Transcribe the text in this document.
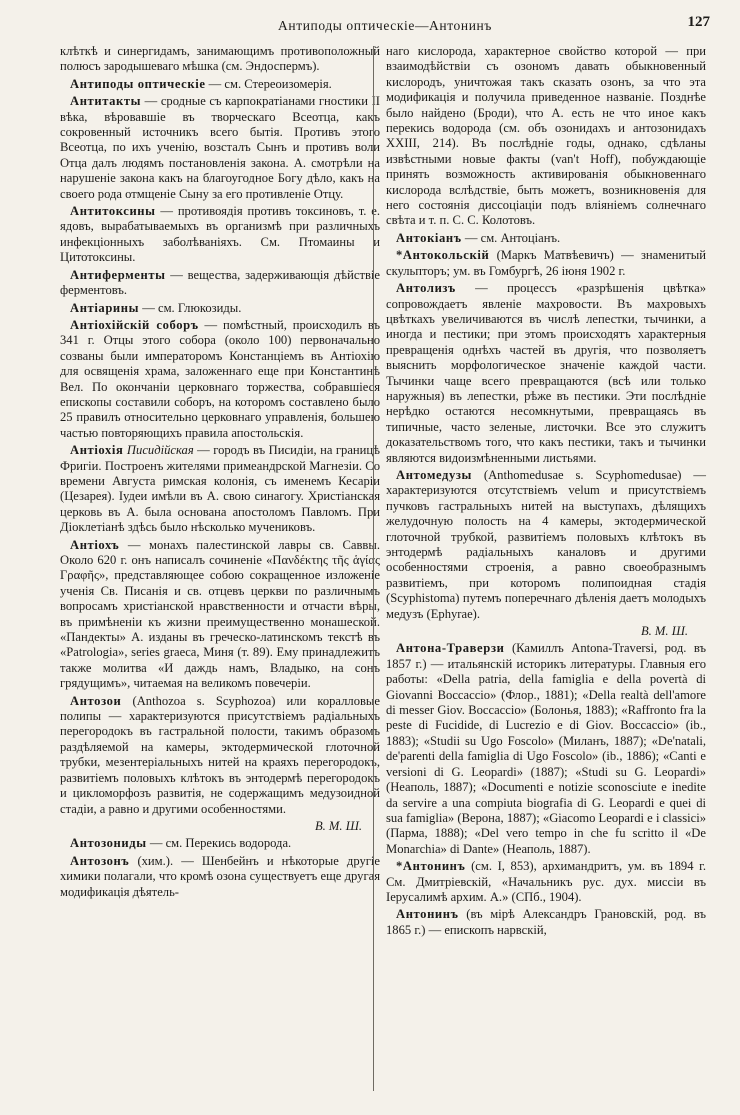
Антиподы оптическiе—Антонинъ	127

клѣткѣ и синергидамъ, занимающимъ противоположный полюсъ зародышеваго мѣшка (см. Эндоспермъ).

Антиподы оптическiе — см. Стереоизомерiя.

Антитакты — сродные съ карпократiанами гностики II вѣка, вѣровавшiе въ творческаго Всеотца, какъ сокровенный источникъ всего бытiя. Противъ этого Всеотца, по ихъ ученiю, возсталъ Сынъ и противъ воли Отца далъ людямъ постановленiя закона. А. смотрѣли на нарушенiе закона какъ на благоугодное Богу дѣло, какъ на своего рода отмщенiе Сыну за его противленiе Отцу.

Антитоксины — противоядiя противъ токсиновъ, т. е. ядовъ, вырабатываемыхъ въ организмѣ при различныхъ инфекцiонныхъ заболѣванiяхъ. См. Птомаины и Цитотоксины.

Антиферменты — вещества, задерживающiя дѣйствiе ферментовъ.

Антiарины — см. Глюкозиды.

Антiохiйскiй соборъ — помѣстный, происходилъ въ 341 г. Отцы этого собора (около 100) первоначально созваны были императоромъ Констанцiемъ въ Антiохiю для освященiя храма, заложеннаго еще при Константинѣ Вел. По окончанiи церковнаго торжества, собравшiеся епископы составили соборъ, на которомъ составлено было 25 правилъ относительно церковнаго управленiя, большею частью повторяющихъ правила апостольскiя.

Антiохiя Писидiйская — городъ въ Писидiи, на границѣ Фригiи. Построенъ жителями примеандрской Магнезiи. Со времени Августа римская колонiя, съ именемъ Кесарiи (Цезарея). Iудеи имѣли въ А. свою синагогу. Христiанская церковь въ А. была основана апостоломъ Павломъ. При Дiоклетiанѣ здѣсь было нѣсколько мучениковъ.

Антiохъ — монахъ палестинской лавры св. Саввы. Около 620 г. онъ написалъ сочиненiе «Πανδέκτης τῆς ἁγίας Γραφῆς», представляющее собою сокращенное изложенiе ученiя Св. Писанiя и св. отцевъ церкви по различнымъ вопросамъ христiанской нравственности и отчасти вѣры, въ примѣненiи къ жизни преимущественно монашеской. «Пандекты» А. изданы въ греческо-латинскомъ текстѣ въ «Patrologia», series graeca, Миня (т. 89). Ему принадлежитъ также молитва «И даждь намъ, Владыко, на сонъ грядущимъ», читаемая на великомъ повечерiи.

Антозои (Anthozoa s. Scyphozoa) или коралловые полипы — характеризуются присутствiемъ радiальныхъ перегородокъ въ гастральной полости, такимъ образомъ раздѣляемой на камеры, эктодермической глоточной трубки, мезентерiальныхъ нитей на краяхъ перегородокъ, развитiемъ половыхъ клѣтокъ въ энтодермѣ перегородокъ и цикломорфозъ развитiя, не содержащимъ медузоидной стадiи, а равно и другими особенностями.

В. М. Ш.

Антозониды — см. Перекись водорода.

Антозонъ (хим.). — Шенбейнъ и нѣкоторые другiе химики полагали, что кромѣ озона существуетъ еще другая модификацiя дѣятель-

наго кислорода, характерное свойство которой — при взаимодѣйствiи съ озономъ давать обыкновенный кислородъ, уничтожая такъ сказать озонъ, за что эта модификацiя и получила приведенное названiе. Позднѣе было найдено (Броди), что А. есть не что иное какъ перекись водорода (см. объ озонидахъ и антозонидахъ XXIII, 214). Въ послѣднiе годы, однако, сдѣланы извѣстными новые факты (van't Hoff), побуждающiе принять возможность активированiя обыкновеннаго кислорода вслѣдствiе, быть можетъ, возникновенiя для него состоянiя диссоцiацiи подъ влiянiемъ солнечнаго свѣта и т. п. С. С. Колотовъ.

Антокiанъ — см. Антоцiанъ.

*Антокольскiй (Маркъ Матвѣевичъ) — знаменитый скульпторъ; ум. въ Гомбургѣ, 26 iюня 1902 г.

Антолизъ — процессъ «разрѣшенiя цвѣтка» сопровождаетъ явленiе махровости. Въ махровыхъ цвѣткахъ увеличиваются въ числѣ лепестки, тычинки, а иногда и пестики; при этомъ происходятъ характерныя превращенiя однѣхъ частей въ другiя, что позволяетъ выяснить морфологическое значенiе каждой части. Тычинки чаще всего превращаются (всѣ или только наружныя) въ лепестки, рѣже въ пестики. Эти послѣднiе нерѣдко остаются несомкнутыми, превращаясь въ типичные, часто зеленые, листочки. Все это служитъ доказательствомъ того, что какъ пестики, такъ и тычинки являются видоизмѣненными листьями.

Антомедузы (Anthomedusae s. Scyphomedusae) — характеризуются отсутствiемъ velum и присутствiемъ пучковъ гастральныхъ нитей на выступахъ, дѣлящихъ желудочную полость на 4 камеры, эктодермической глоточной трубкой, развитiемъ половыхъ клѣтокъ въ энтодермѣ радiальныхъ каналовъ и другими особенностями строенiя, а равно своеобразнымъ развитiемъ, при которомъ полипоидная стадiя (Scyphistoma) путемъ поперечнаго дѣленiя даетъ молодыхъ медузъ (Ephyrae).

В. М. Ш.

Антона-Траверзи (Камиллъ Antona-Traversi, род. въ 1857 г.) — итальянскiй историкъ литературы. Главныя его работы: «Della patria, della famiglia e della povertà di Giovanni Boccaccio» (Флор., 1881); «Della realtà dell'amore di messer Giov. Boccaccio» (Болонья, 1883); «Raffronto fra la peste di Fucidide, di Lucrezio e di Giov. Boccaccio» (ib., 1883); «Studii su Ugo Foscolo» (Миланъ, 1887); «De'natali, de'parenti della famiglia di Ugo Foscolo» (ib., 1886); «Canti e versioni di G. Leopardi» (1887); «Studi su G. Leopardi» (Неаполь, 1887); «Documenti e notizie sconosciute e inedite da servire a una compiuta biografia di G. Leopardi e quei di sua famiglia» (Верона, 1887); «Giacomo Leopardi e i classici» (Парма, 1888); «Del vero tempo in che fu scritto il «De Monarchia» di Dante» (Неаполь, 1887).

*Антонинъ (см. I, 853), архимандритъ, ум. въ 1894 г. См. Дмитрiевскiй, «Начальникъ рус. дух. миссiи въ Iерусалимѣ архим. А.» (СПб., 1904).

Антонинъ (въ мiрѣ Александръ Грановскiй, род. въ 1865 г.) — епископъ нарвскiй,
